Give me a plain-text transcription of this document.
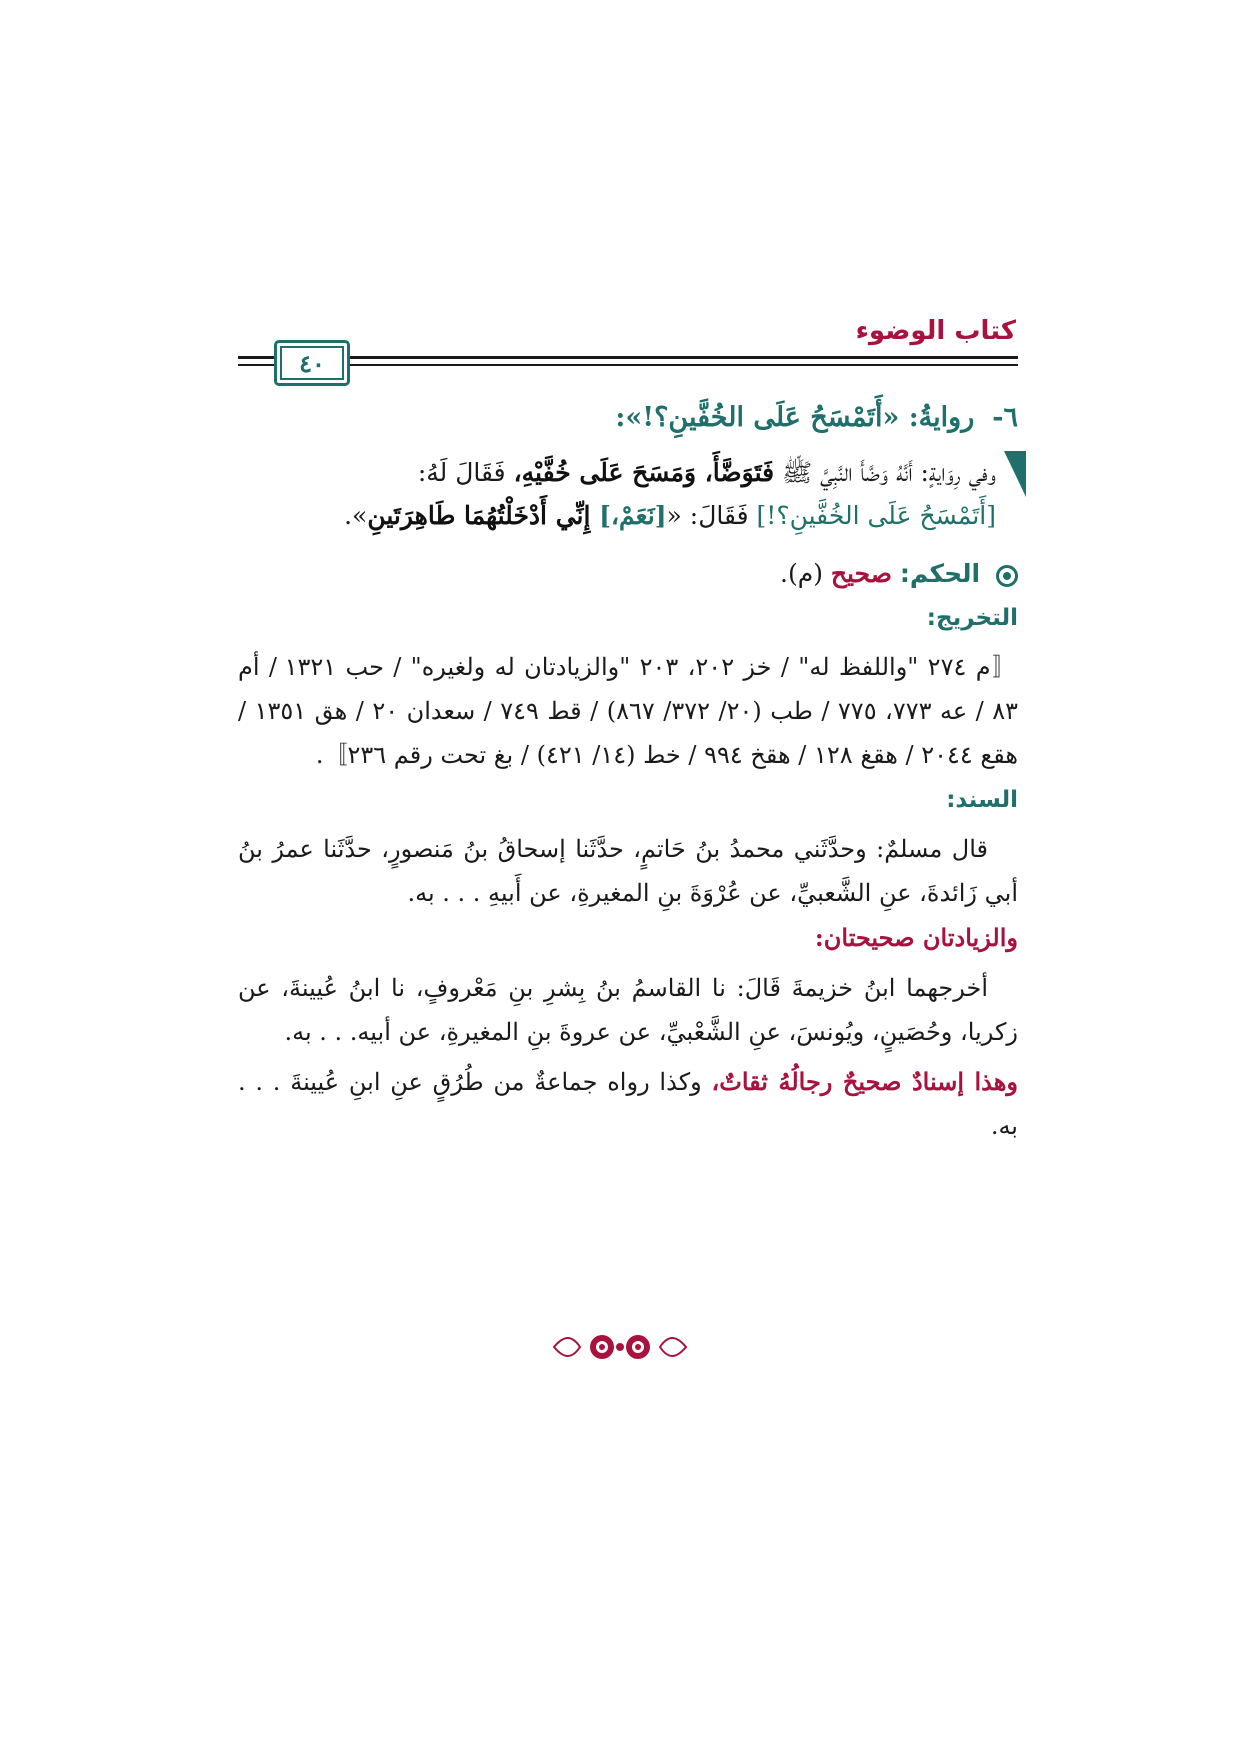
كتاب الوضوء
٤٠
٦-روايةُ: «أَتَمْسَحُ عَلَى الخُفَّينِ؟!»:
وفي رِوَايةٍ: أَنَّهُ وَضَّأَ النَّبِيَّ ﷺ فَتَوَضَّأَ، وَمَسَحَ عَلَى خُفَّيْهِ، فَقَالَ لَهُ:
[أَتَمْسَحُ عَلَى الخُفَّينِ؟!] فَقَالَ: «[نَعَمْ،] إِنِّي أَدْخَلْتُهُمَا طَاهِرَتَينِ».
الحكم: صحيح (م).
التخريج:
〚م ٢٧٤ "واللفظ له" / خز ٢٠٢، ٢٠٣ "والزيادتان له ولغيره" / حب ١٣٢١ / أم ٨٣ / عه ٧٧٣، ٧٧٥ / طب (٢٠/ ٣٧٢/ ٨٦٧) / قط ٧٤٩ / سعدان ٢٠ / هق ١٣٥١ / هقع ٢٠٤٤ / هقغ ١٢٨ / هقخ ٩٩٤ / خط (١٤/ ٤٢١) / بغ تحت رقم ٢٣٦〛.
السند:
قال مسلمٌ: وحدَّثَني محمدُ بنُ حَاتمٍ، حدَّثَنا إسحاقُ بنُ مَنصورٍ، حدَّثَنا عمرُ بنُ أبي زَائدةَ، عنِ الشَّعبيِّ، عن عُرْوَةَ بنِ المغيرةِ، عن أَبيهِ . . . به.
والزيادتان صحيحتان:
أخرجهما ابنُ خزيمةَ قَالَ: نا القاسمُ بنُ بِشرِ بنِ مَعْروفٍ، نا ابنُ عُيينةَ، عن زكريا، وحُصَينٍ، ويُونسَ، عنِ الشَّعْبيِّ، عن عروةَ بنِ المغيرةِ، عن أبيه. . . به.
وهذا إسنادٌ صحيحٌ رجالُهُ ثقاتٌ، وكذا رواه جماعةٌ من طُرُقٍ عنِ ابنِ عُيينةَ . . . به.
